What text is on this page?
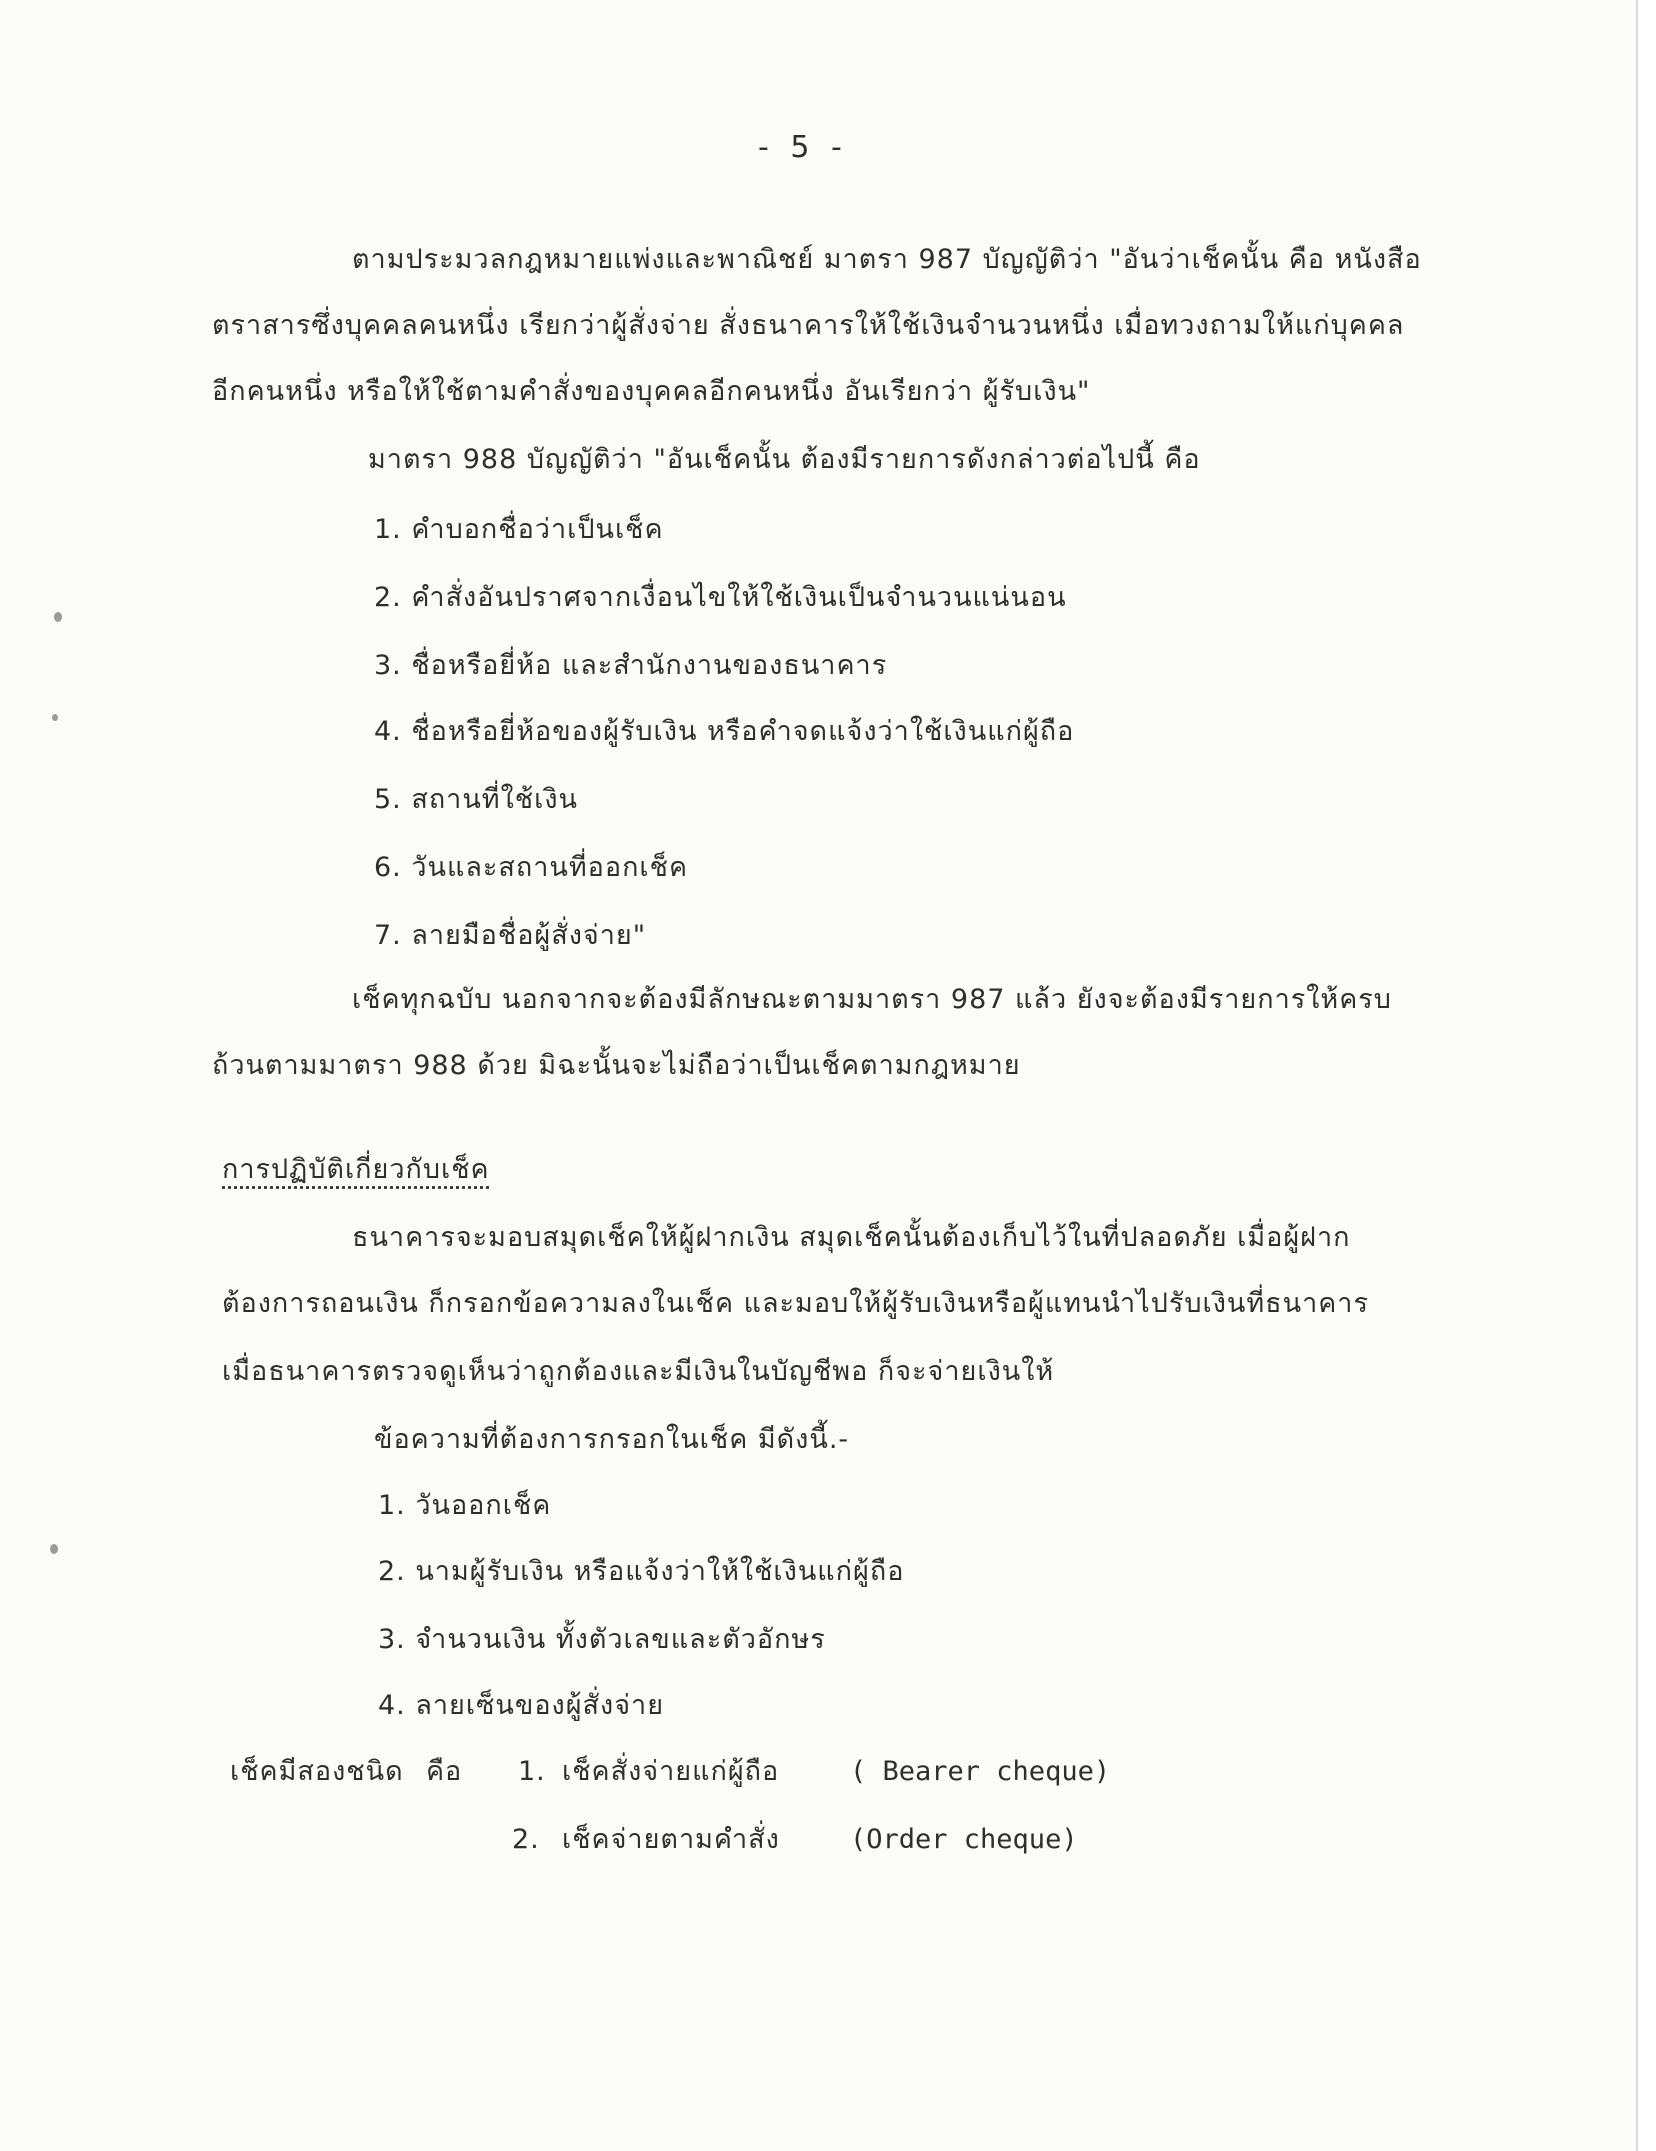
- 5 -
ตามประมวลกฎหมายแพ่งและพาณิชย์ มาตรา 987 บัญญัติว่า "อันว่าเช็คนั้น คือ หนังสือ
ตราสารซึ่งบุคคลคนหนึ่ง เรียกว่าผู้สั่งจ่าย สั่งธนาคารให้ใช้เงินจำนวนหนึ่ง เมื่อทวงถามให้แก่บุคคล
อีกคนหนึ่ง หรือให้ใช้ตามคำสั่งของบุคคลอีกคนหนึ่ง อันเรียกว่า ผู้รับเงิน"
มาตรา 988 บัญญัติว่า "อันเช็คนั้น ต้องมีรายการดังกล่าวต่อไปนี้ คือ
1. คำบอกชื่อว่าเป็นเช็ค
2. คำสั่งอันปราศจากเงื่อนไขให้ใช้เงินเป็นจำนวนแน่นอน
3. ชื่อหรือยี่ห้อ และสำนักงานของธนาคาร
4. ชื่อหรือยี่ห้อของผู้รับเงิน หรือคำจดแจ้งว่าใช้เงินแก่ผู้ถือ
5. สถานที่ใช้เงิน
6. วันและสถานที่ออกเช็ค
7. ลายมือชื่อผู้สั่งจ่าย"
เช็คทุกฉบับ นอกจากจะต้องมีลักษณะตามมาตรา 987 แล้ว ยังจะต้องมีรายการให้ครบ
ถ้วนตามมาตรา 988 ด้วย มิฉะนั้นจะไม่ถือว่าเป็นเช็คตามกฎหมาย
การปฏิบัติเกี่ยวกับเช็ค
ธนาคารจะมอบสมุดเช็คให้ผู้ฝากเงิน สมุดเช็คนั้นต้องเก็บไว้ในที่ปลอดภัย เมื่อผู้ฝาก
ต้องการถอนเงิน ก็กรอกข้อความลงในเช็ค และมอบให้ผู้รับเงินหรือผู้แทนนำไปรับเงินที่ธนาคาร
เมื่อธนาคารตรวจดูเห็นว่าถูกต้องและมีเงินในบัญชีพอ ก็จะจ่ายเงินให้
ข้อความที่ต้องการกรอกในเช็ค มีดังนี้.-
1. วันออกเช็ค
2. นามผู้รับเงิน หรือแจ้งว่าให้ใช้เงินแก่ผู้ถือ
3. จำนวนเงิน ทั้งตัวเลขและตัวอักษร
4. ลายเซ็นของผู้สั่งจ่าย
เช็คมีสองชนิด คือ 1. เช็คสั่งจ่ายแก่ผู้ถือ	( Bearer cheque)
2. เช็คจ่ายตามคำสั่ง	(Order cheque)
